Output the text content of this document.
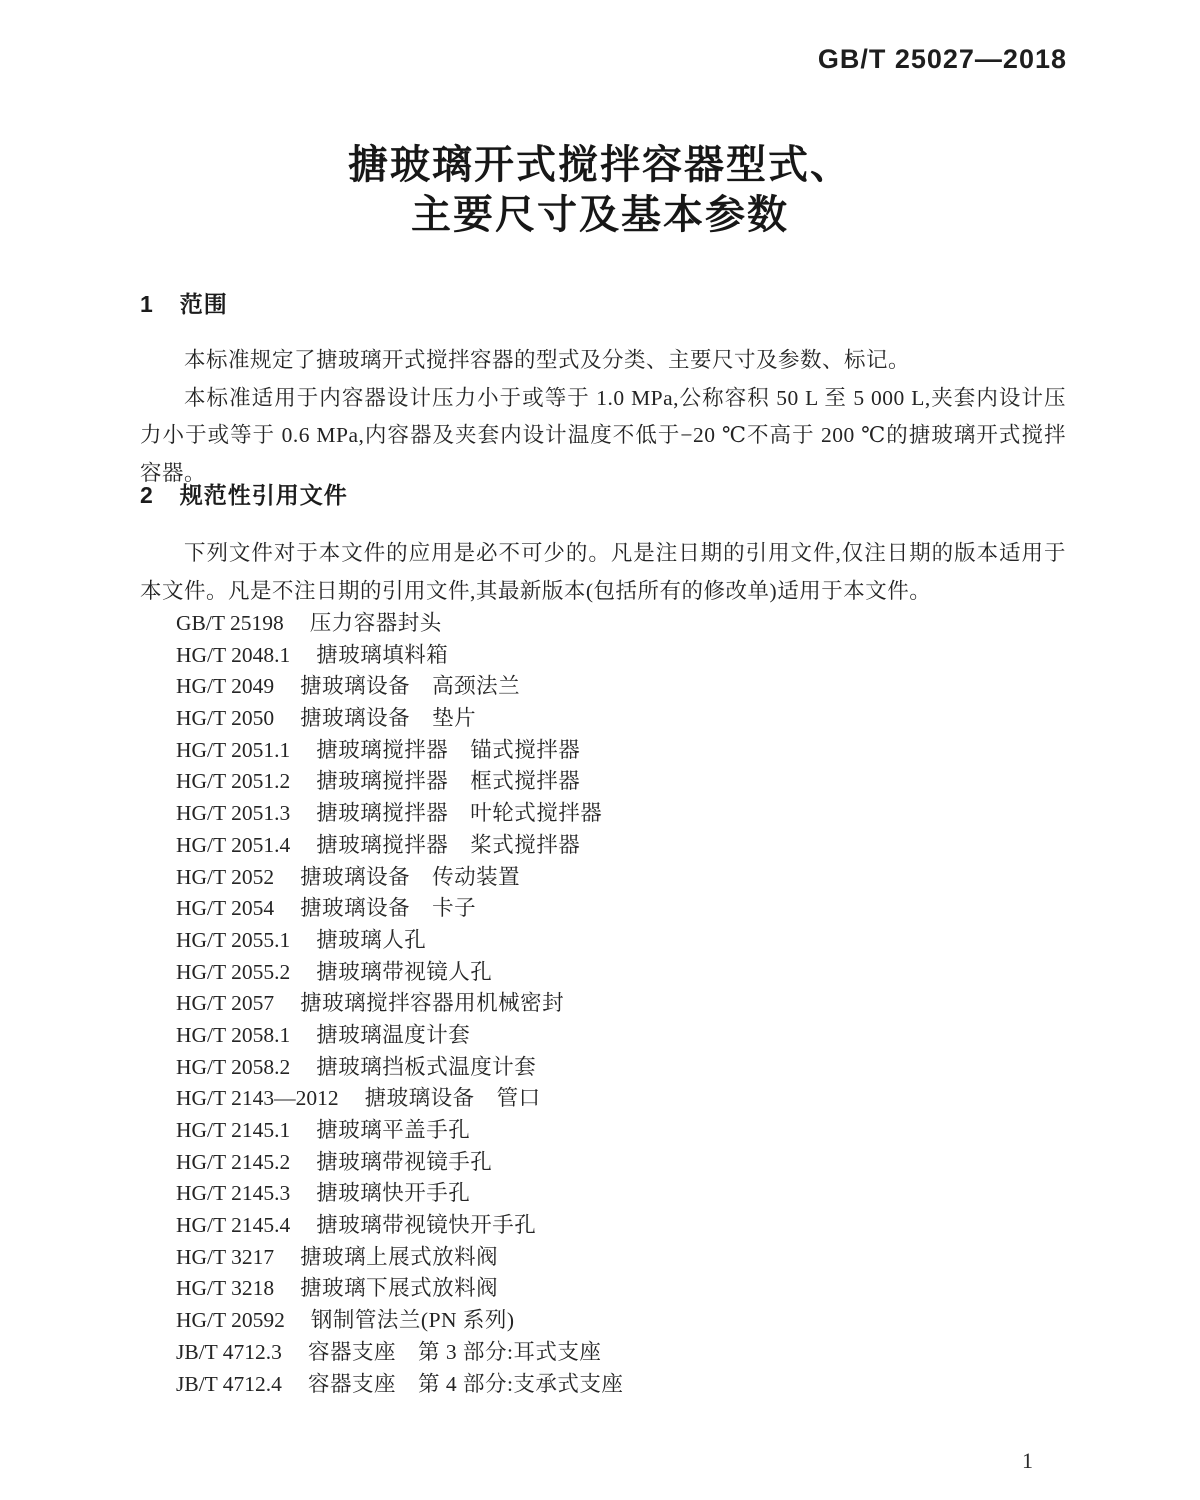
GB/T 25027—2018
搪玻璃开式搅拌容器型式、
主要尺寸及基本参数
1 范围

本标准规定了搪玻璃开式搅拌容器的型式及分类、主要尺寸及参数、标记。

本标准适用于内容器设计压力小于或等于 1.0 MPa,公称容积 50 L 至 5 000 L,夹套内设计压力小于或等于 0.6 MPa,内容器及夹套内设计温度不低于−20 ℃不高于 200 ℃的搪玻璃开式搅拌容器。

2 规范性引用文件

下列文件对于本文件的应用是必不可少的。凡是注日期的引用文件,仅注日期的版本适用于本文件。凡是不注日期的引用文件,其最新版本(包括所有的修改单)适用于本文件。

GB/T 25198 压力容器封头
HG/T 2048.1 搪玻璃填料箱
HG/T 2049 搪玻璃设备　高颈法兰
HG/T 2050 搪玻璃设备　垫片
HG/T 2051.1 搪玻璃搅拌器　锚式搅拌器
HG/T 2051.2 搪玻璃搅拌器　框式搅拌器
HG/T 2051.3 搪玻璃搅拌器　叶轮式搅拌器
HG/T 2051.4 搪玻璃搅拌器　桨式搅拌器
HG/T 2052 搪玻璃设备　传动装置
HG/T 2054 搪玻璃设备　卡子
HG/T 2055.1 搪玻璃人孔
HG/T 2055.2 搪玻璃带视镜人孔
HG/T 2057 搪玻璃搅拌容器用机械密封
HG/T 2058.1 搪玻璃温度计套
HG/T 2058.2 搪玻璃挡板式温度计套
HG/T 2143—2012 搪玻璃设备　管口
HG/T 2145.1 搪玻璃平盖手孔
HG/T 2145.2 搪玻璃带视镜手孔
HG/T 2145.3 搪玻璃快开手孔
HG/T 2145.4 搪玻璃带视镜快开手孔
HG/T 3217 搪玻璃上展式放料阀
HG/T 3218 搪玻璃下展式放料阀
HG/T 20592 钢制管法兰(PN 系列)
JB/T 4712.3 容器支座　第 3 部分:耳式支座
JB/T 4712.4 容器支座　第 4 部分:支承式支座
1
